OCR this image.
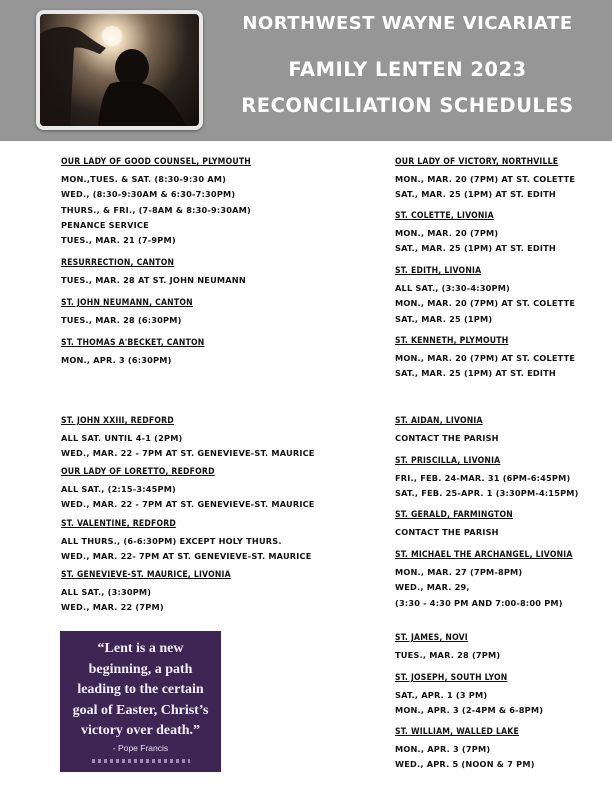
NORTHWEST WAYNE VICARIATE
FAMILY LENTEN 2023
RECONCILIATION SCHEDULES
OUR LADY OF GOOD COUNSEL, PLYMOUTH
MON.,TUES. & SAT. (8:30-9:30 AM)
WED., (8:30-9:30AM & 6:30-7:30PM)
THURS., & FRI., (7-8AM & 8:30-9:30AM)
PENANCE SERVICE
TUES., MAR. 21 (7-9PM)
RESURRECTION, CANTON
TUES., MAR. 28 AT ST. JOHN NEUMANN
ST. JOHN NEUMANN, CANTON
TUES., MAR. 28 (6:30PM)
ST. THOMAS A'BECKET, CANTON
MON., APR. 3 (6:30PM)
ST. JOHN XXIII, REDFORD
ALL SAT. UNTIL 4-1 (2PM)
WED., MAR. 22 - 7PM AT ST. GENEVIEVE-ST. MAURICE
OUR LADY OF LORETTO, REDFORD
ALL SAT., (2:15-3:45PM)
WED., MAR. 22 - 7PM AT ST. GENEVIEVE-ST. MAURICE
ST. VALENTINE, REDFORD
ALL THURS., (6-6:30PM) EXCEPT HOLY THURS.
WED., MAR. 22- 7PM AT ST. GENEVIEVE-ST. MAURICE
ST. GENEVIEVE-ST. MAURICE, LIVONIA
ALL SAT., (3:30PM)
WED., MAR. 22 (7PM)
“Lent is a new
beginning, a path
leading to the certain
goal of Easter, Christ’s
victory over death.”
- Pope Francis
OUR LADY OF VICTORY, NORTHVILLE
MON., MAR. 20 (7PM) AT ST. COLETTE
SAT., MAR. 25 (1PM) AT ST. EDITH
ST. COLETTE, LIVONIA
MON., MAR. 20 (7PM)
SAT., MAR. 25 (1PM) AT ST. EDITH
ST. EDITH, LIVONIA
ALL SAT., (3:30-4:30PM)
MON., MAR. 20 (7PM) AT ST. COLETTE
SAT., MAR. 25 (1PM)
ST. KENNETH, PLYMOUTH
MON., MAR. 20 (7PM) AT ST. COLETTE
SAT., MAR. 25 (1PM) AT ST. EDITH
ST. AIDAN, LIVONIA
CONTACT THE PARISH
ST. PRISCILLA, LIVONIA
FRI., FEB. 24-MAR. 31 (6PM-6:45PM)
SAT., FEB. 25-APR. 1 (3:30PM-4:15PM)
ST. GERALD, FARMINGTON
CONTACT THE PARISH
ST. MICHAEL THE ARCHANGEL, LIVONIA
MON., MAR. 27 (7PM-8PM)
WED., MAR. 29,
(3:30 - 4:30 PM AND 7:00-8:00 PM)
ST. JAMES, NOVI
TUES., MAR. 28 (7PM)
ST. JOSEPH, SOUTH LYON
SAT., APR. 1 (3 PM)
MON., APR. 3 (2-4PM & 6-8PM)
ST. WILLIAM, WALLED LAKE
MON., APR. 3 (7PM)
WED., APR. 5 (NOON & 7 PM)
